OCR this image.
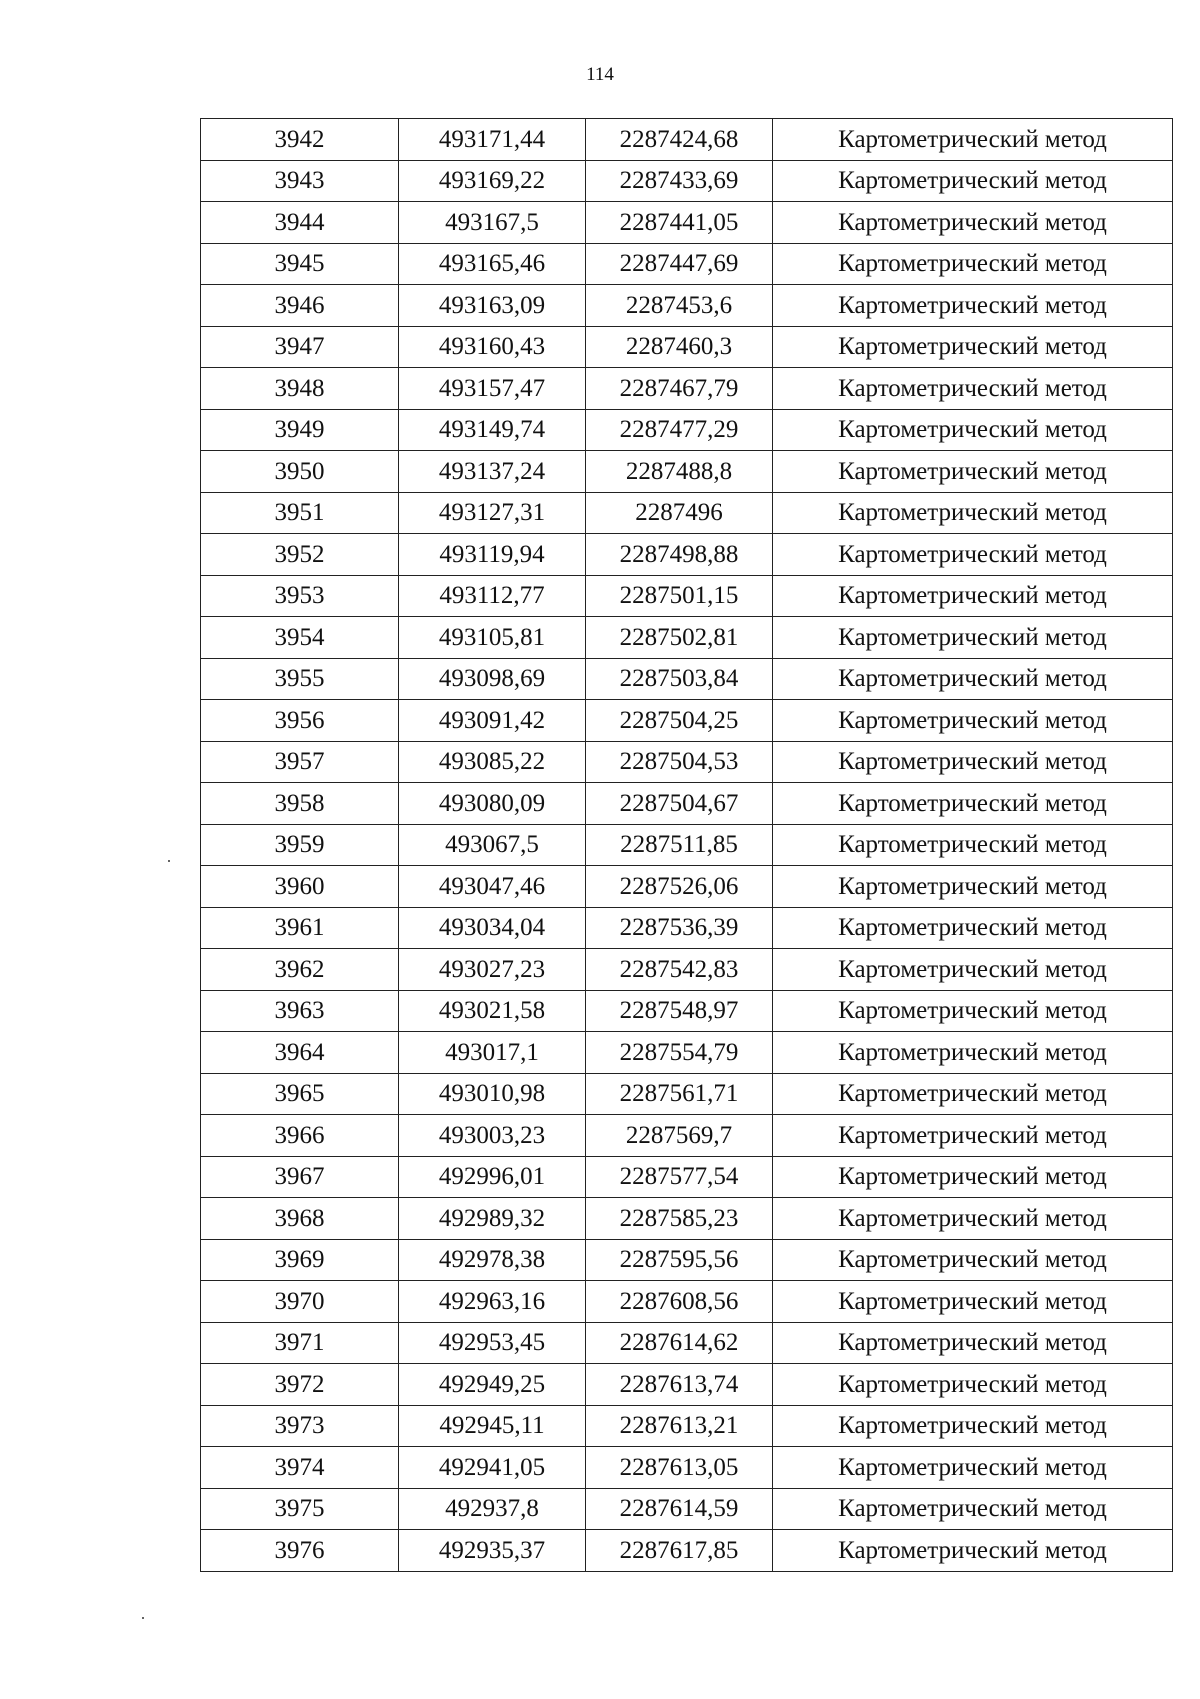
114
3942	493171,44	2287424,68	Картометрический метод
3943	493169,22	2287433,69	Картометрический метод
3944	493167,5	2287441,05	Картометрический метод
3945	493165,46	2287447,69	Картометрический метод
3946	493163,09	2287453,6	Картометрический метод
3947	493160,43	2287460,3	Картометрический метод
3948	493157,47	2287467,79	Картометрический метод
3949	493149,74	2287477,29	Картометрический метод
3950	493137,24	2287488,8	Картометрический метод
3951	493127,31	2287496	Картометрический метод
3952	493119,94	2287498,88	Картометрический метод
3953	493112,77	2287501,15	Картометрический метод
3954	493105,81	2287502,81	Картометрический метод
3955	493098,69	2287503,84	Картометрический метод
3956	493091,42	2287504,25	Картометрический метод
3957	493085,22	2287504,53	Картометрический метод
3958	493080,09	2287504,67	Картометрический метод
3959	493067,5	2287511,85	Картометрический метод
3960	493047,46	2287526,06	Картометрический метод
3961	493034,04	2287536,39	Картометрический метод
3962	493027,23	2287542,83	Картометрический метод
3963	493021,58	2287548,97	Картометрический метод
3964	493017,1	2287554,79	Картометрический метод
3965	493010,98	2287561,71	Картометрический метод
3966	493003,23	2287569,7	Картометрический метод
3967	492996,01	2287577,54	Картометрический метод
3968	492989,32	2287585,23	Картометрический метод
3969	492978,38	2287595,56	Картометрический метод
3970	492963,16	2287608,56	Картометрический метод
3971	492953,45	2287614,62	Картометрический метод
3972	492949,25	2287613,74	Картометрический метод
3973	492945,11	2287613,21	Картометрический метод
3974	492941,05	2287613,05	Картометрический метод
3975	492937,8	2287614,59	Картометрический метод
3976	492935,37	2287617,85	Картометрический метод
